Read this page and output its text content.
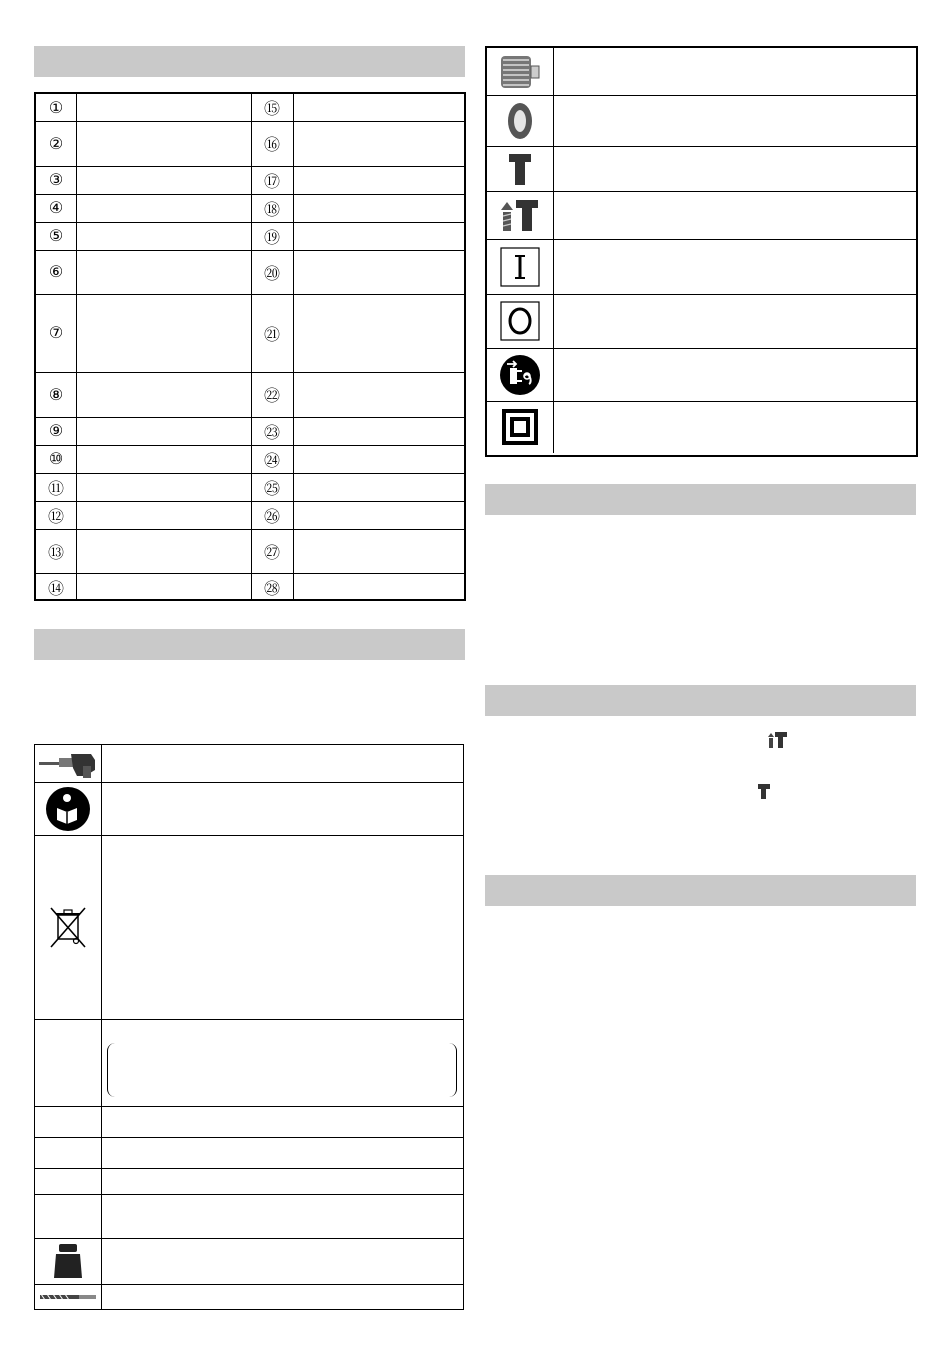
①	⑮
②	⑯
③	⑰
④	⑱
⑤	⑲
⑥	⑳
⑦	㉑
⑧	㉒
⑨	㉓
⑩	㉔
⑪	㉕
⑫	㉖
⑬	㉗
⑭	㉘
